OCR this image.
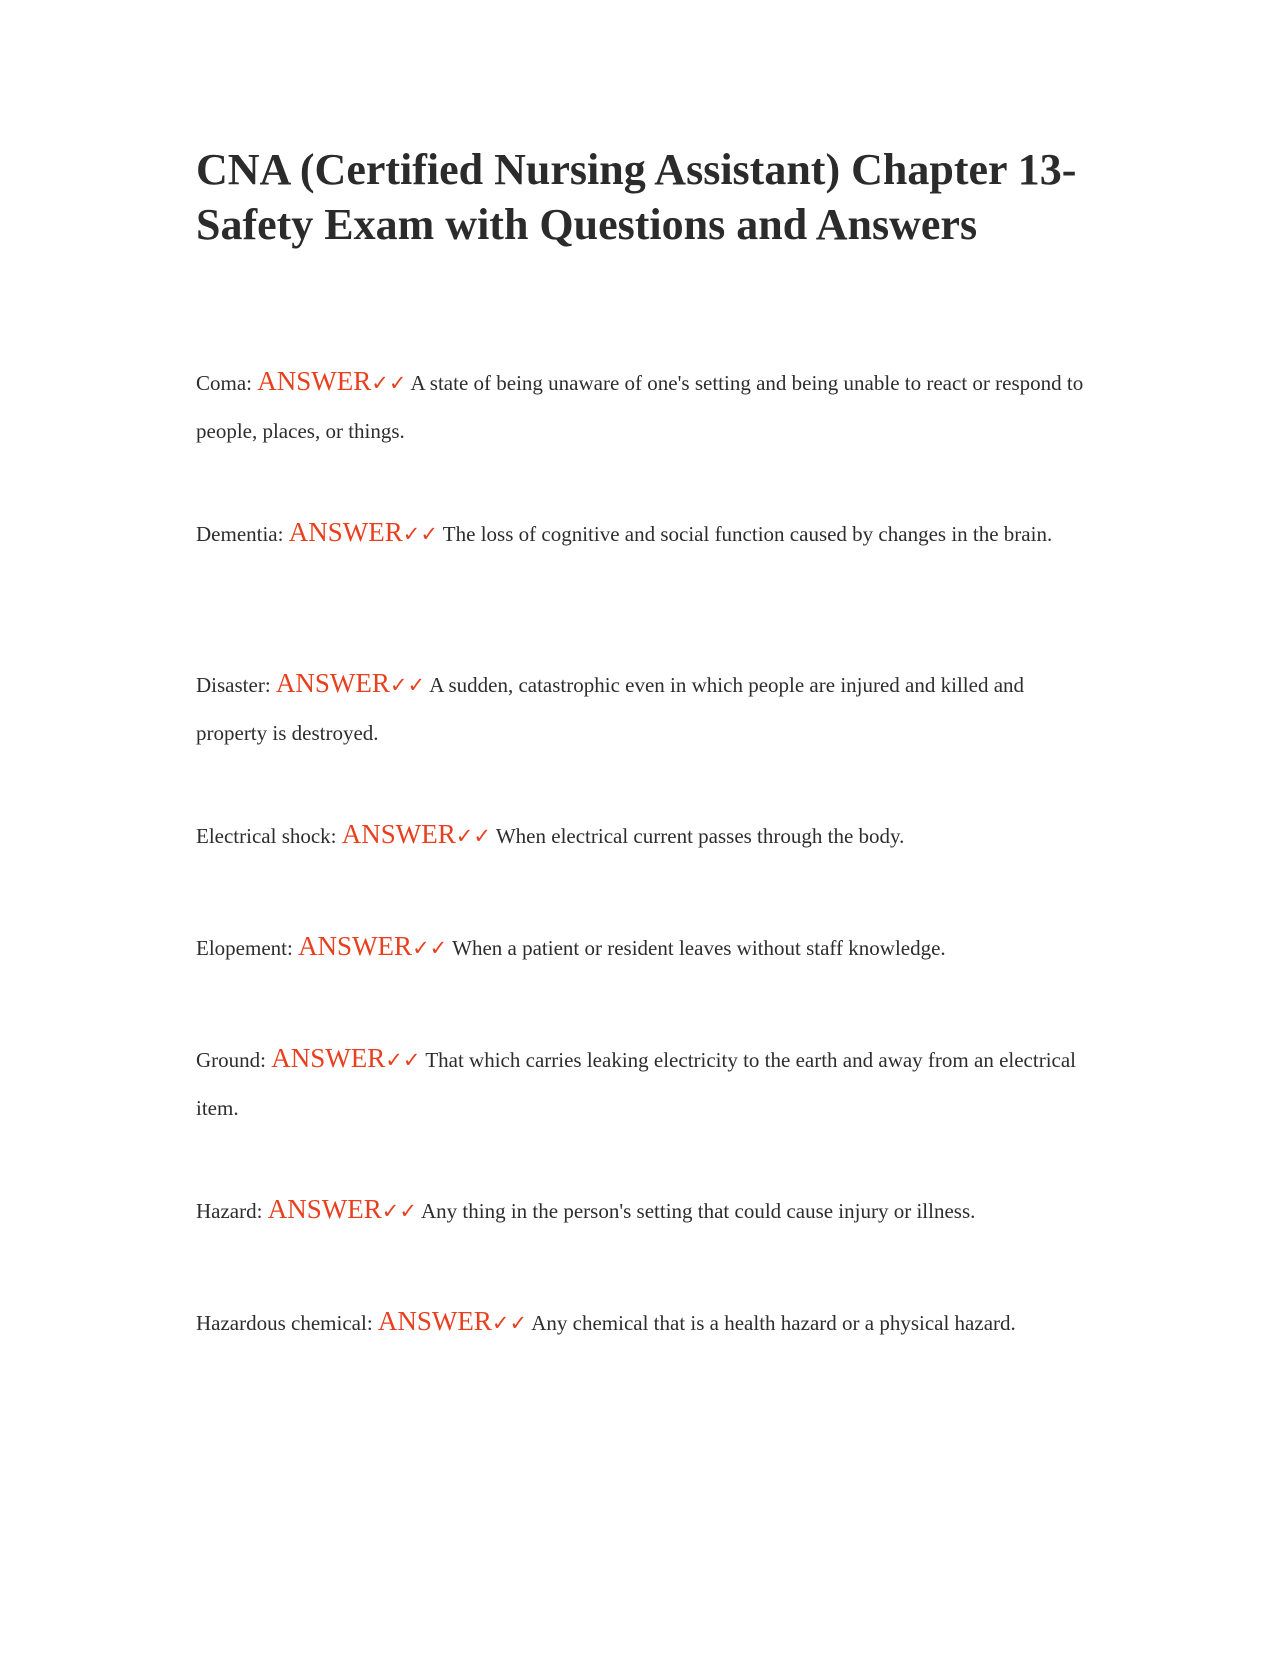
CNA (Certified Nursing Assistant) Chapter 13-Safety Exam with Questions and Answers

Coma: ANSWER✓✓ A state of being unaware of one's setting and being unable to react or respond to people, places, or things.

Dementia: ANSWER✓✓ The loss of cognitive and social function caused by changes in the brain.

Disaster: ANSWER✓✓ A sudden, catastrophic even in which people are injured and killed and property is destroyed.

Electrical shock: ANSWER✓✓ When electrical current passes through the body.

Elopement: ANSWER✓✓ When a patient or resident leaves without staff knowledge.

Ground: ANSWER✓✓ That which carries leaking electricity to the earth and away from an electrical item.

Hazard: ANSWER✓✓ Any thing in the person's setting that could cause injury or illness.

Hazardous chemical: ANSWER✓✓ Any chemical that is a health hazard or a physical hazard.
